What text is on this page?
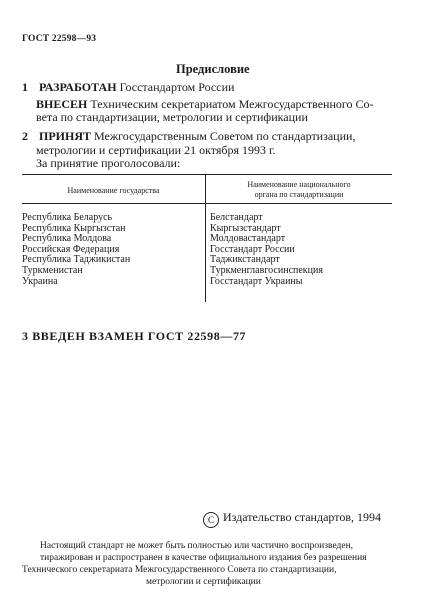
ГОСТ 22598—93
Предисловие
1 РАЗРАБОТАН Госстандартом России
ВНЕСЕН Техническим секретариатом Межгосударственного Со-
вета по стандартизации, метрологии и сертификации
2 ПРИНЯТ Межгосударственным Советом по стандартизации,
метрологии и сертификации 21 октября 1993 г.
За принятие проголосовали:
Наименование государства
Наименование национального
органа по стандартизации
Республика Беларусь
Республика Кыргызстан
Республика Молдова
Российская Федерация
Республика Таджикистан
Туркменистан
Украина
Белстандарт
Кыргызстандарт
Молдовастандарт
Госстандарт России
Таджикстандарт
Туркменглавгосинспекция
Госстандарт Украины
3 ВВЕДЕН ВЗАМЕН ГОСТ 22598—77
C Издательство стандартов, 1994
Настоящий стандарт не может быть полностью или частично воспроизведен,
тиражирован и распространен в качестве официального издания без разрешения
Технического секретариата Межгосударственного Совета по стандартизации,
метрологии и сертификации
